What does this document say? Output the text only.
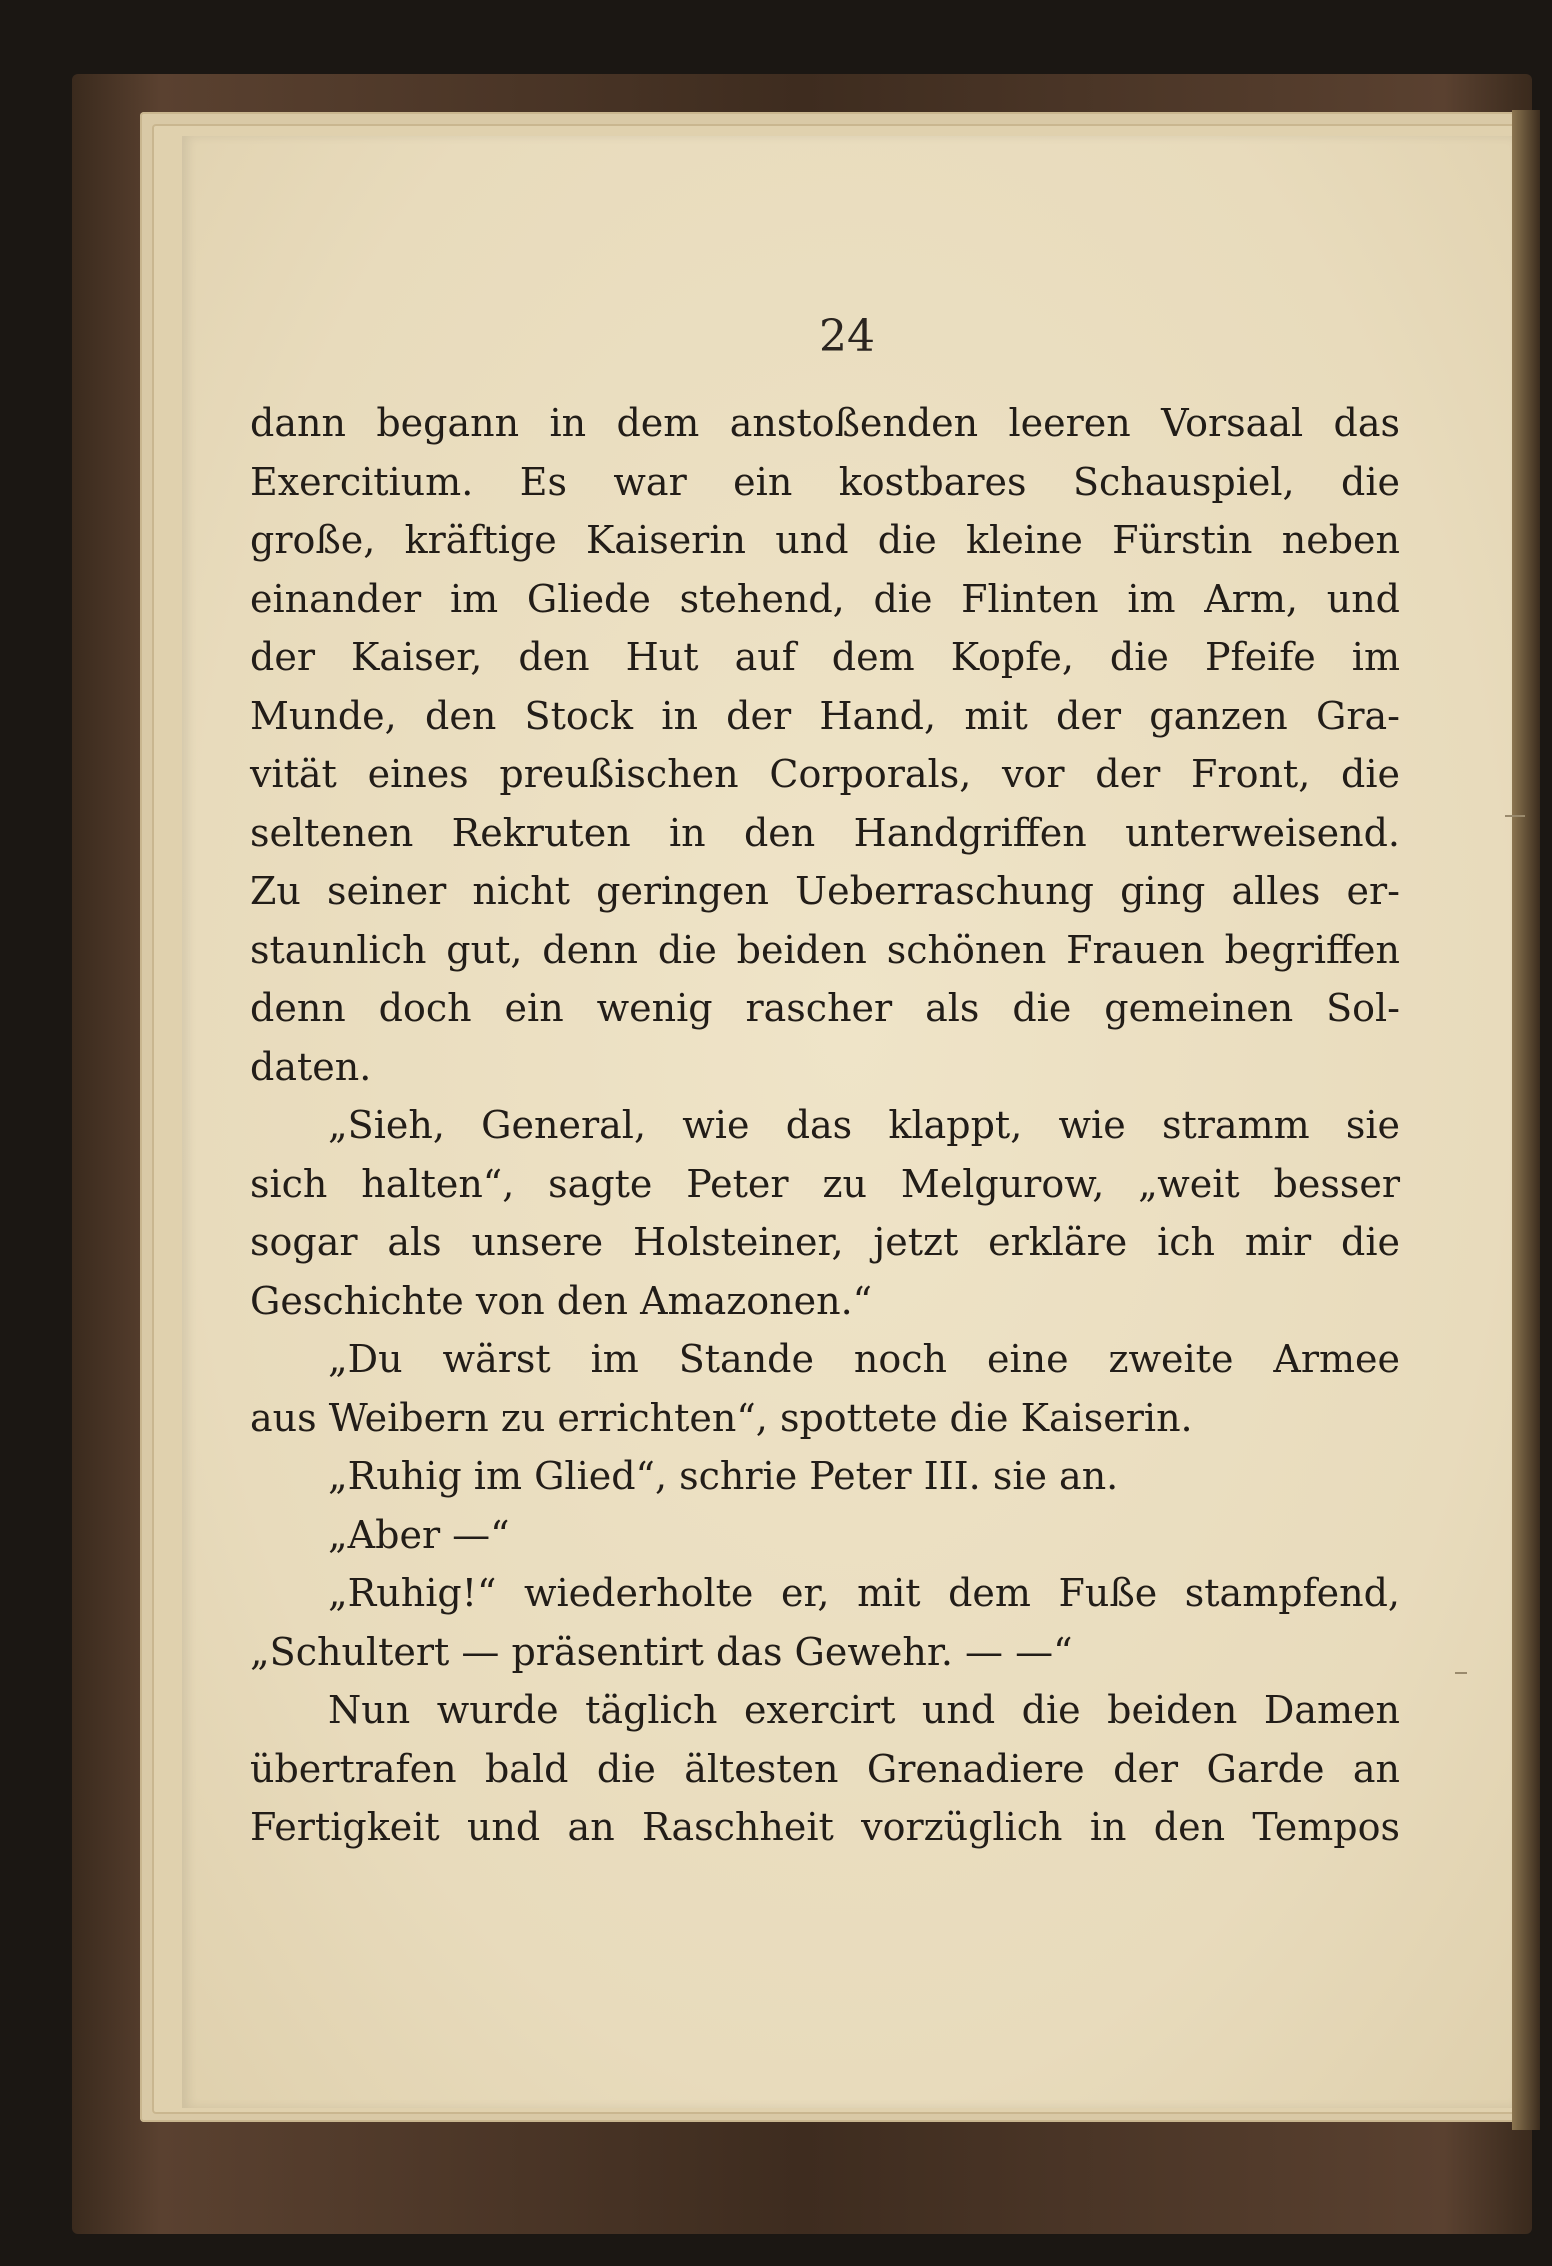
24
dann begann in dem anstoßenden leeren Vorsaal das
Exercitium. Es war ein kostbares Schauspiel, die
große, kräftige Kaiserin und die kleine Fürstin neben
einander im Gliede stehend, die Flinten im Arm, und
der Kaiser, den Hut auf dem Kopfe, die Pfeife im
Munde, den Stock in der Hand, mit der ganzen Gra-
vität eines preußischen Corporals, vor der Front, die
seltenen Rekruten in den Handgriffen unterweisend.
Zu seiner nicht geringen Ueberraschung ging alles er-
staunlich gut, denn die beiden schönen Frauen begriffen
denn doch ein wenig rascher als die gemeinen Sol-
daten.
„Sieh, General, wie das klappt, wie stramm sie
sich halten“, sagte Peter zu Melgurow, „weit besser
sogar als unsere Holsteiner, jetzt erkläre ich mir die
Geschichte von den Amazonen.“
„Du wärst im Stande noch eine zweite Armee
aus Weibern zu errichten“, spottete die Kaiserin.
„Ruhig im Glied“, schrie Peter III. sie an.
„Aber —“
„Ruhig!“ wiederholte er, mit dem Fuße stampfend,
„Schultert — präsentirt das Gewehr. — —“
Nun wurde täglich exercirt und die beiden Damen
übertrafen bald die ältesten Grenadiere der Garde an
Fertigkeit und an Raschheit vorzüglich in den Tempos
